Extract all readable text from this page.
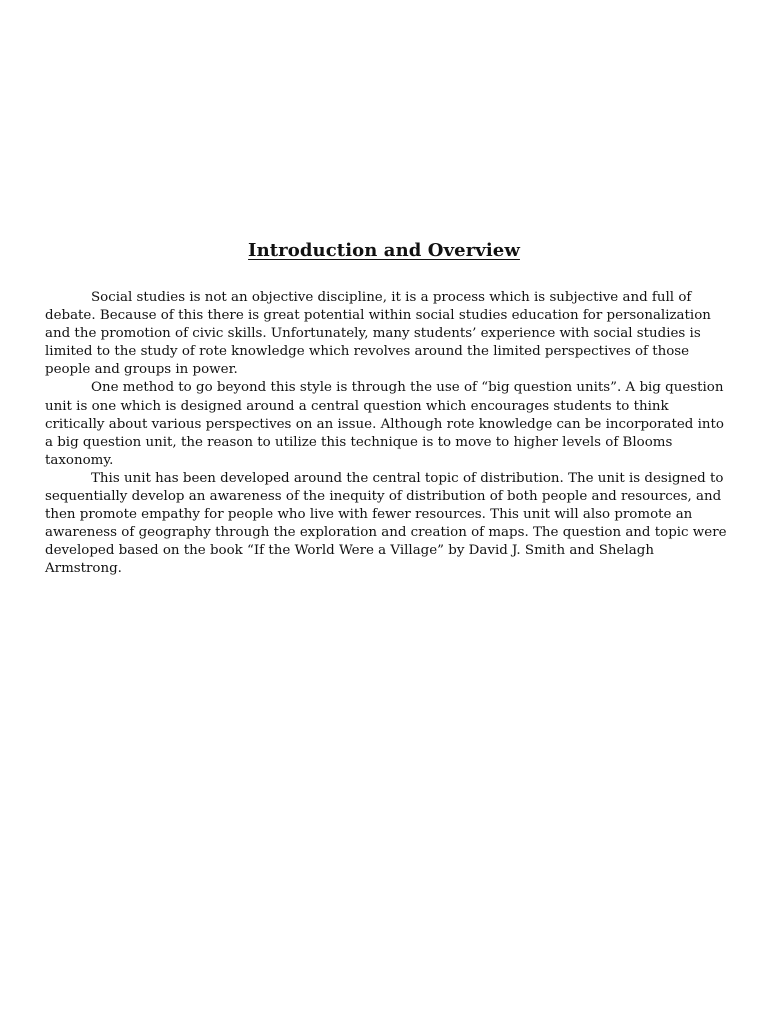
Introduction and Overview

Social studies is not an objective discipline, it is a process which is subjective and full of debate. Because of this there is great potential within social studies education for personalization and the promotion of civic skills. Unfortunately, many students’ experience with social studies is limited to the study of rote knowledge which revolves around the limited perspectives of those people and groups in power.

One method to go beyond this style is through the use of “big question units”. A big question unit is one which is designed around a central question which encourages students to think critically about various perspectives on an issue. Although rote knowledge can be incorporated into a big question unit, the reason to utilize this technique is to move to higher levels of Blooms taxonomy.

This unit has been developed around the central topic of distribution. The unit is designed to sequentially develop an awareness of the inequity of distribution of both people and resources, and then promote empathy for people who live with fewer resources. This unit will also promote an awareness of geography through the exploration and creation of maps. The question and topic were developed based on the book “If the World Were a Village” by David J. Smith and Shelagh Armstrong.
